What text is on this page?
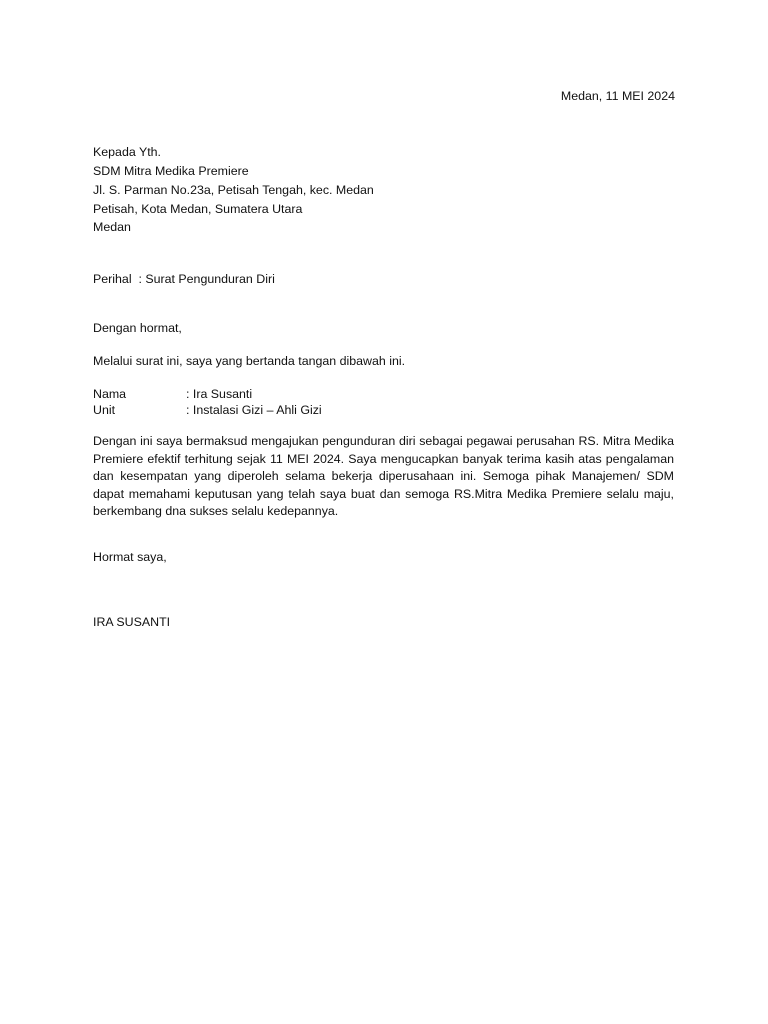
Medan, 11 MEI 2024
Kepada Yth.
SDM Mitra Medika Premiere
Jl. S. Parman No.23a, Petisah Tengah, kec. Medan
Petisah, Kota Medan, Sumatera Utara
Medan
Perihal  : Surat Pengunduran Diri
Dengan hormat,
Melalui surat ini, saya yang bertanda tangan dibawah ini.
Nama	: Ira Susanti
Unit	: Instalasi Gizi – Ahli Gizi
Dengan ini saya bermaksud mengajukan pengunduran diri sebagai pegawai perusahan RS. Mitra Medika Premiere efektif terhitung sejak 11 MEI 2024. Saya mengucapkan banyak terima kasih atas pengalaman dan kesempatan yang diperoleh selama bekerja diperusahaan ini. Semoga pihak Manajemen/ SDM dapat memahami keputusan yang telah saya buat dan semoga RS.Mitra Medika Premiere selalu maju, berkembang dna sukses selalu kedepannya.
Hormat saya,
IRA SUSANTI
